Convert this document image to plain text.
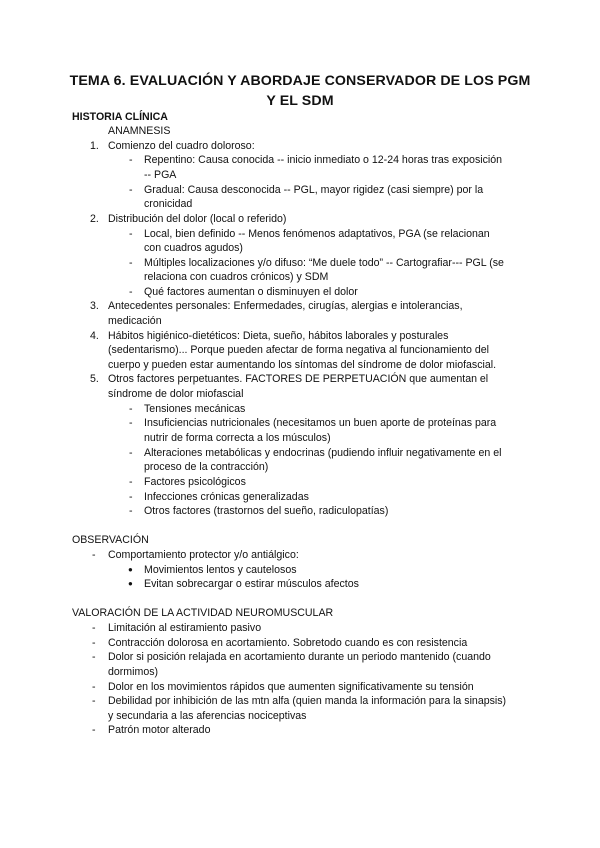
TEMA 6. EVALUACIÓN Y ABORDAJE CONSERVADOR DE LOS PGM
Y EL SDM
HISTORIA CLÍNICA
ANAMNESIS
1. Comienzo del cuadro doloroso:
- Repentino: Causa conocida -- inicio inmediato o 12-24 horas tras exposición
-- PGA
- Gradual: Causa desconocida -- PGL, mayor rigidez (casi siempre) por la
cronicidad
2. Distribución del dolor (local o referido)
- Local, bien definido -- Menos fenómenos adaptativos, PGA (se relacionan
con cuadros agudos)
- Múltiples localizaciones y/o difuso: “Me duele todo” -- Cartografiar--- PGL (se
relaciona con cuadros crónicos) y SDM
- Qué factores aumentan o disminuyen el dolor
3. Antecedentes personales: Enfermedades, cirugías, alergias e intolerancias,
medicación
4. Hábitos higiénico-dietéticos: Dieta, sueño, hábitos laborales y posturales
(sedentarismo)... Porque pueden afectar de forma negativa al funcionamiento del
cuerpo y pueden estar aumentando los síntomas del síndrome de dolor miofascial.
5. Otros factores perpetuantes. FACTORES DE PERPETUACIÓN que aumentan el
síndrome de dolor miofascial
- Tensiones mecánicas
- Insuficiencias nutricionales (necesitamos un buen aporte de proteínas para
nutrir de forma correcta a los músculos)
- Alteraciones metabólicas y endocrinas (pudiendo influir negativamente en el
proceso de la contracción)
- Factores psicológicos
- Infecciones crónicas generalizadas
- Otros factores (trastornos del sueño, radiculopatías)
OBSERVACIÓN
- Comportamiento protector y/o antiálgico:
● Movimientos lentos y cautelosos
● Evitan sobrecargar o estirar músculos afectos
VALORACIÓN DE LA ACTIVIDAD NEUROMUSCULAR
- Limitación al estiramiento pasivo
- Contracción dolorosa en acortamiento. Sobretodo cuando es con resistencia
- Dolor si posición relajada en acortamiento durante un periodo mantenido (cuando
dormimos)
- Dolor en los movimientos rápidos que aumenten significativamente su tensión
- Debilidad por inhibición de las mtn alfa (quien manda la información para la sinapsis)
y secundaria a las aferencias nociceptivas
- Patrón motor alterado
